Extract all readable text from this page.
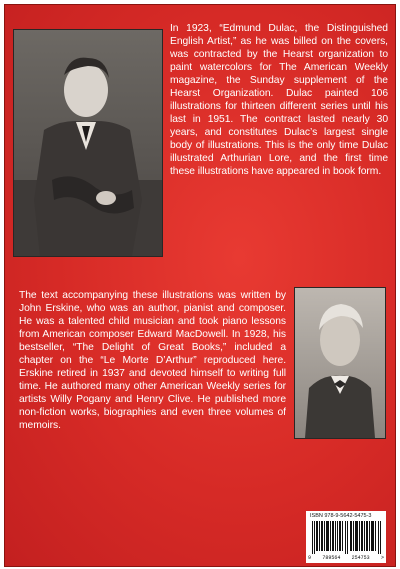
In 1923, “Edmund Dulac, the Distinguished English Artist,” as he was billed on the covers, was contracted by the Hearst organization to paint watercolors for The American Weekly magazine, the Sunday supplement of the Hearst Organization. Dulac painted 106 illustrations for thirteen different series until his last in 1951. The contract lasted nearly 30 years, and constitutes Dulac’s largest single body of illustrations. This is the only time Dulac illustrated Arthurian Lore, and the first time these illustrations have appeared in book form.

The text accompanying these illustrations was written by John Erskine, who was an author, pianist and composer. He was a talented child musician and took piano lessons from American composer Edward MacDowell. In 1928, his bestseller, “The Delight of Great Books,” included a chapter on the “Le Morte D’Arthur” reproduced here. Erskine retired in 1937 and devoted himself to writing full time. He authored many other American Weekly series for artists Willy Pogany and Henry Clive. He published more non-fiction works, biographies and even three volumes of memoirs.

ISBN 978-9-5642-5475-3
9 789564 254753 >
